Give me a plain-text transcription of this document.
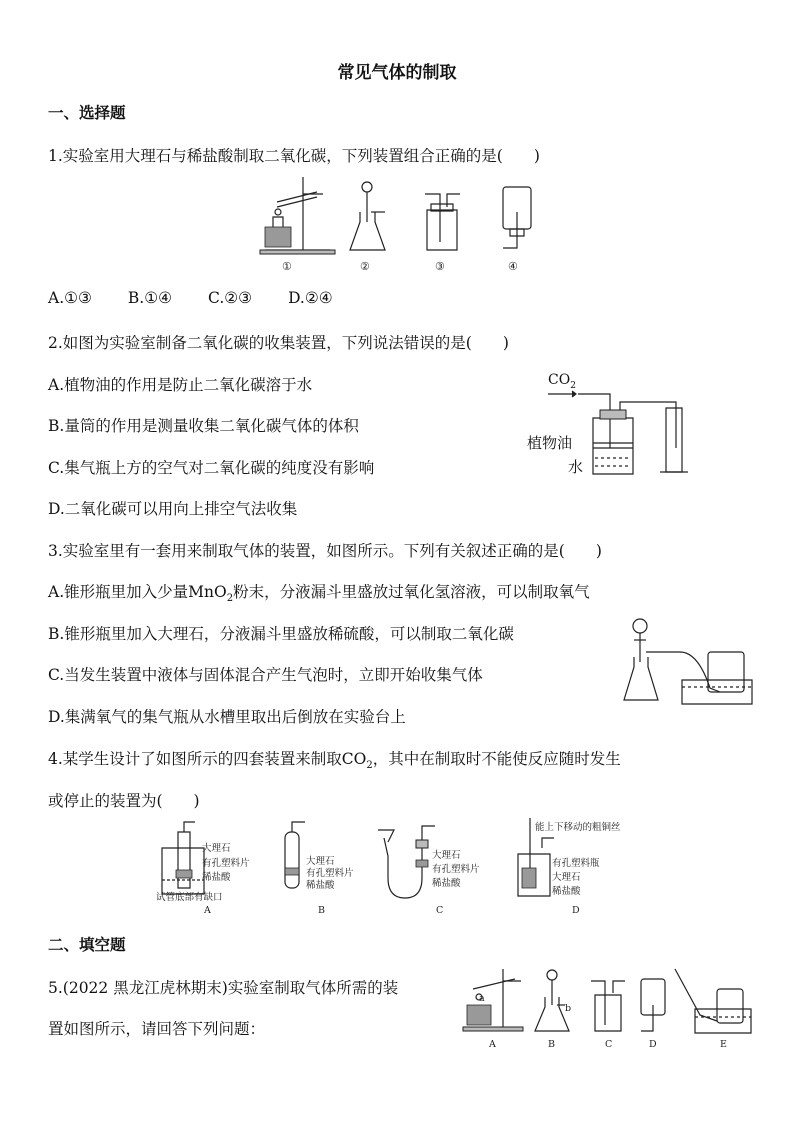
常见气体的制取
一、选择题
1.实验室用大理石与稀盐酸制取二氧化碳，下列装置组合正确的是(　　)
①	②	③	④
A.①③ B.①④ C.②③ D.②④
2.如图为实验室制备二氧化碳的收集装置，下列说法错误的是(　　)
A.植物油的作用是防止二氧化碳溶于水
B.量筒的作用是测量收集二氧化碳气体的体积
C.集气瓶上方的空气对二氧化碳的纯度没有影响
D.二氧化碳可以用向上排空气法收集
$CO_2$
植物油
水
3.实验室里有一套用来制取气体的装置，如图所示。下列有关叙述正确的是(　　)
A.锥形瓶里加入少量MnO$_2$粉末，分液漏斗里盛放过氧化氢溶液，可以制取氧气
B.锥形瓶里加入大理石，分液漏斗里盛放稀硫酸，可以制取二氧化碳
C.当发生装置中液体与固体混合产生气泡时，立即开始收集气体
D.集满氧气的集气瓶从水槽里取出后倒放在实验台上
4.某学生设计了如图所示的四套装置来制取$CO_2$，其中在制取时不能使反应随时发生
或停止的装置为(　　)
大理石
有孔塑料片
稀盐酸
试管底部有缺口
A
大理石
有孔塑料片
稀盐酸
B
大理石
有孔塑料片
稀盐酸
C
能上下移动的粗铜丝
有孔塑料瓶
大理石
稀盐酸
D
二、填空题
5.(2022 黑龙江虎林期末)实验室制取气体所需的装
置如图所示，请回答下列问题：
A	B	C	D	E
b
a
